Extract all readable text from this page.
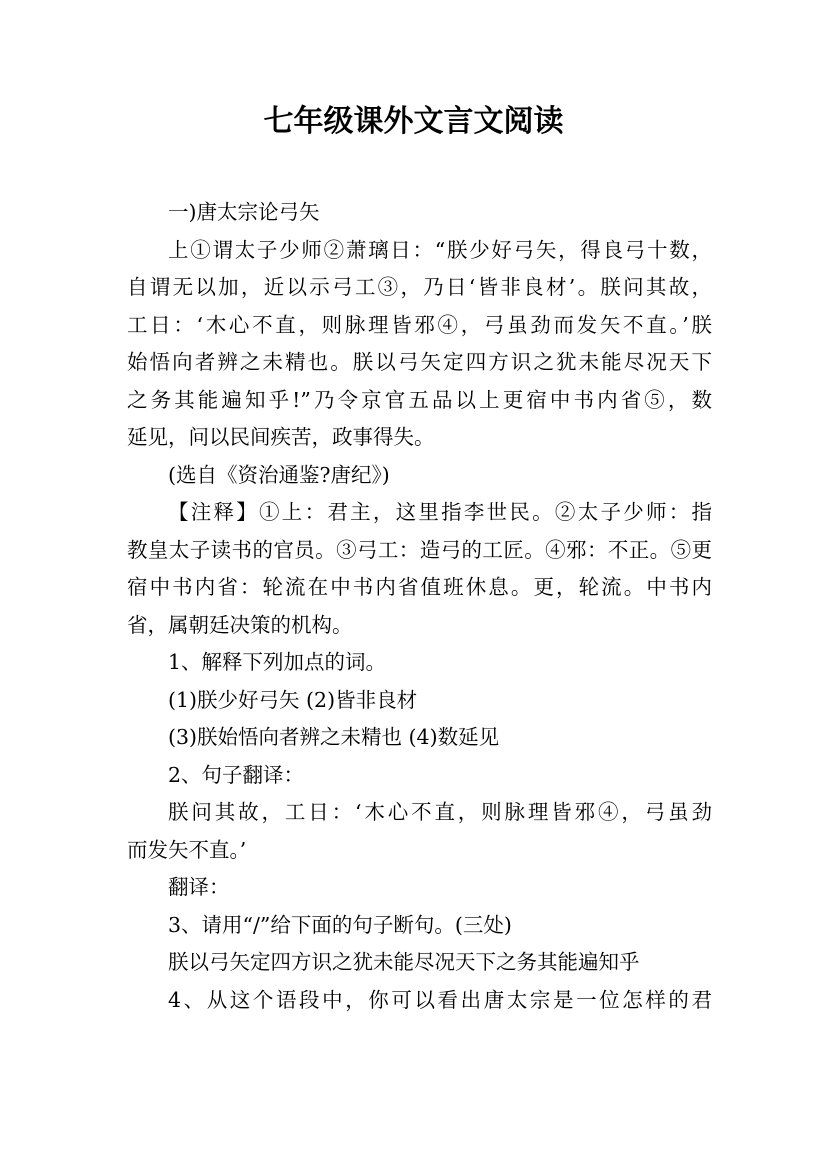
七年级课外文言文阅读
一)唐太宗论弓矢
上①谓太子少师②萧璃日：“朕少好弓矢，得良弓十数，
自谓无以加，近以示弓工③，乃日‘皆非良材’。朕问其故，
工日：‘木心不直，则脉理皆邪④，弓虽劲而发矢不直。’朕
始悟向者辨之未精也。朕以弓矢定四方识之犹未能尽况天下
之务其能遍知乎!”乃令京官五品以上更宿中书内省⑤，数
延见，问以民间疾苦，政事得失。
(选自《资治通鉴?唐纪》)
【注释】①上：君主，这里指李世民。②太子少师：指
教皇太子读书的官员。③弓工：造弓的工匠。④邪：不正。⑤更
宿中书内省：轮流在中书内省值班休息。更，轮流。中书内
省，属朝廷决策的机构。
1、解释下列加点的词。
(1)朕少好弓矢 (2)皆非良材
(3)朕始悟向者辨之未精也 (4)数延见
2、句子翻译：
朕问其故，工日：‘木心不直，则脉理皆邪④，弓虽劲
而发矢不直。’
翻译：
3、请用“/”给下面的句子断句。(三处)
朕以弓矢定四方识之犹未能尽况天下之务其能遍知乎
4、从这个语段中，你可以看出唐太宗是一位怎样的君
